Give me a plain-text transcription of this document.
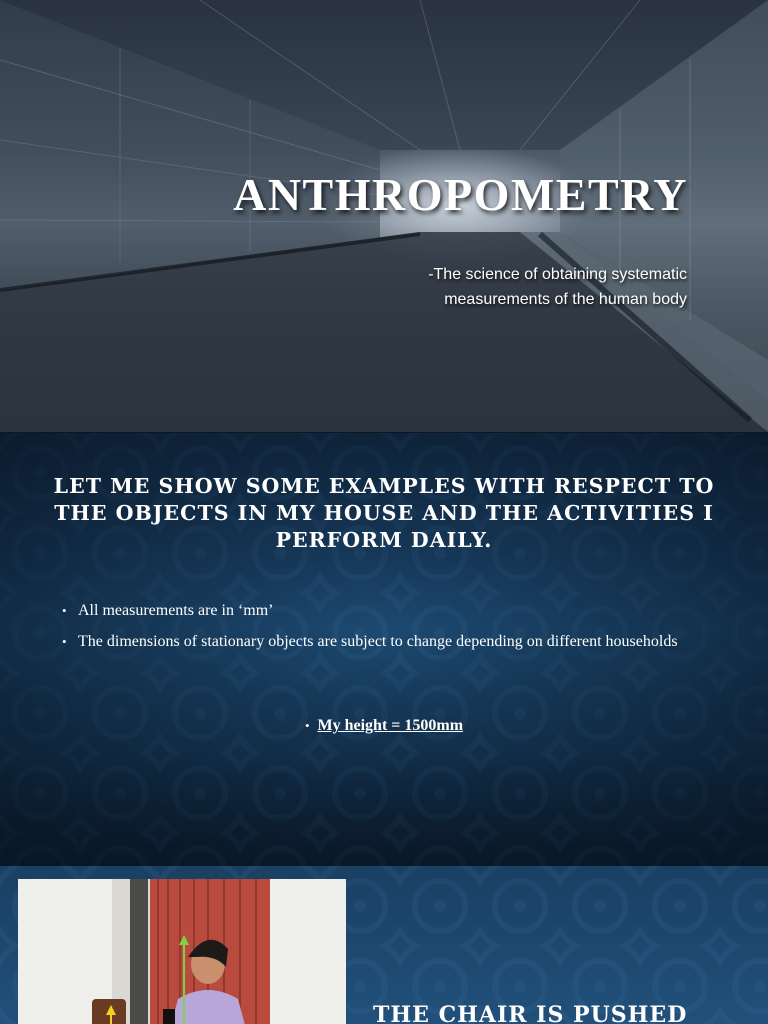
ANTHROPOMETRY
-The science of obtaining systematic
measurements of the human body
LET ME SHOW SOME EXAMPLES WITH RESPECT TO THE OBJECTS IN MY HOUSE AND THE ACTIVITIES I PERFORM DAILY.
• All measurements are in ‘mm’
• The dimensions of stationary objects are subject to change depending on different households
• My height = 1500mm
THE CHAIR IS PUSHED
